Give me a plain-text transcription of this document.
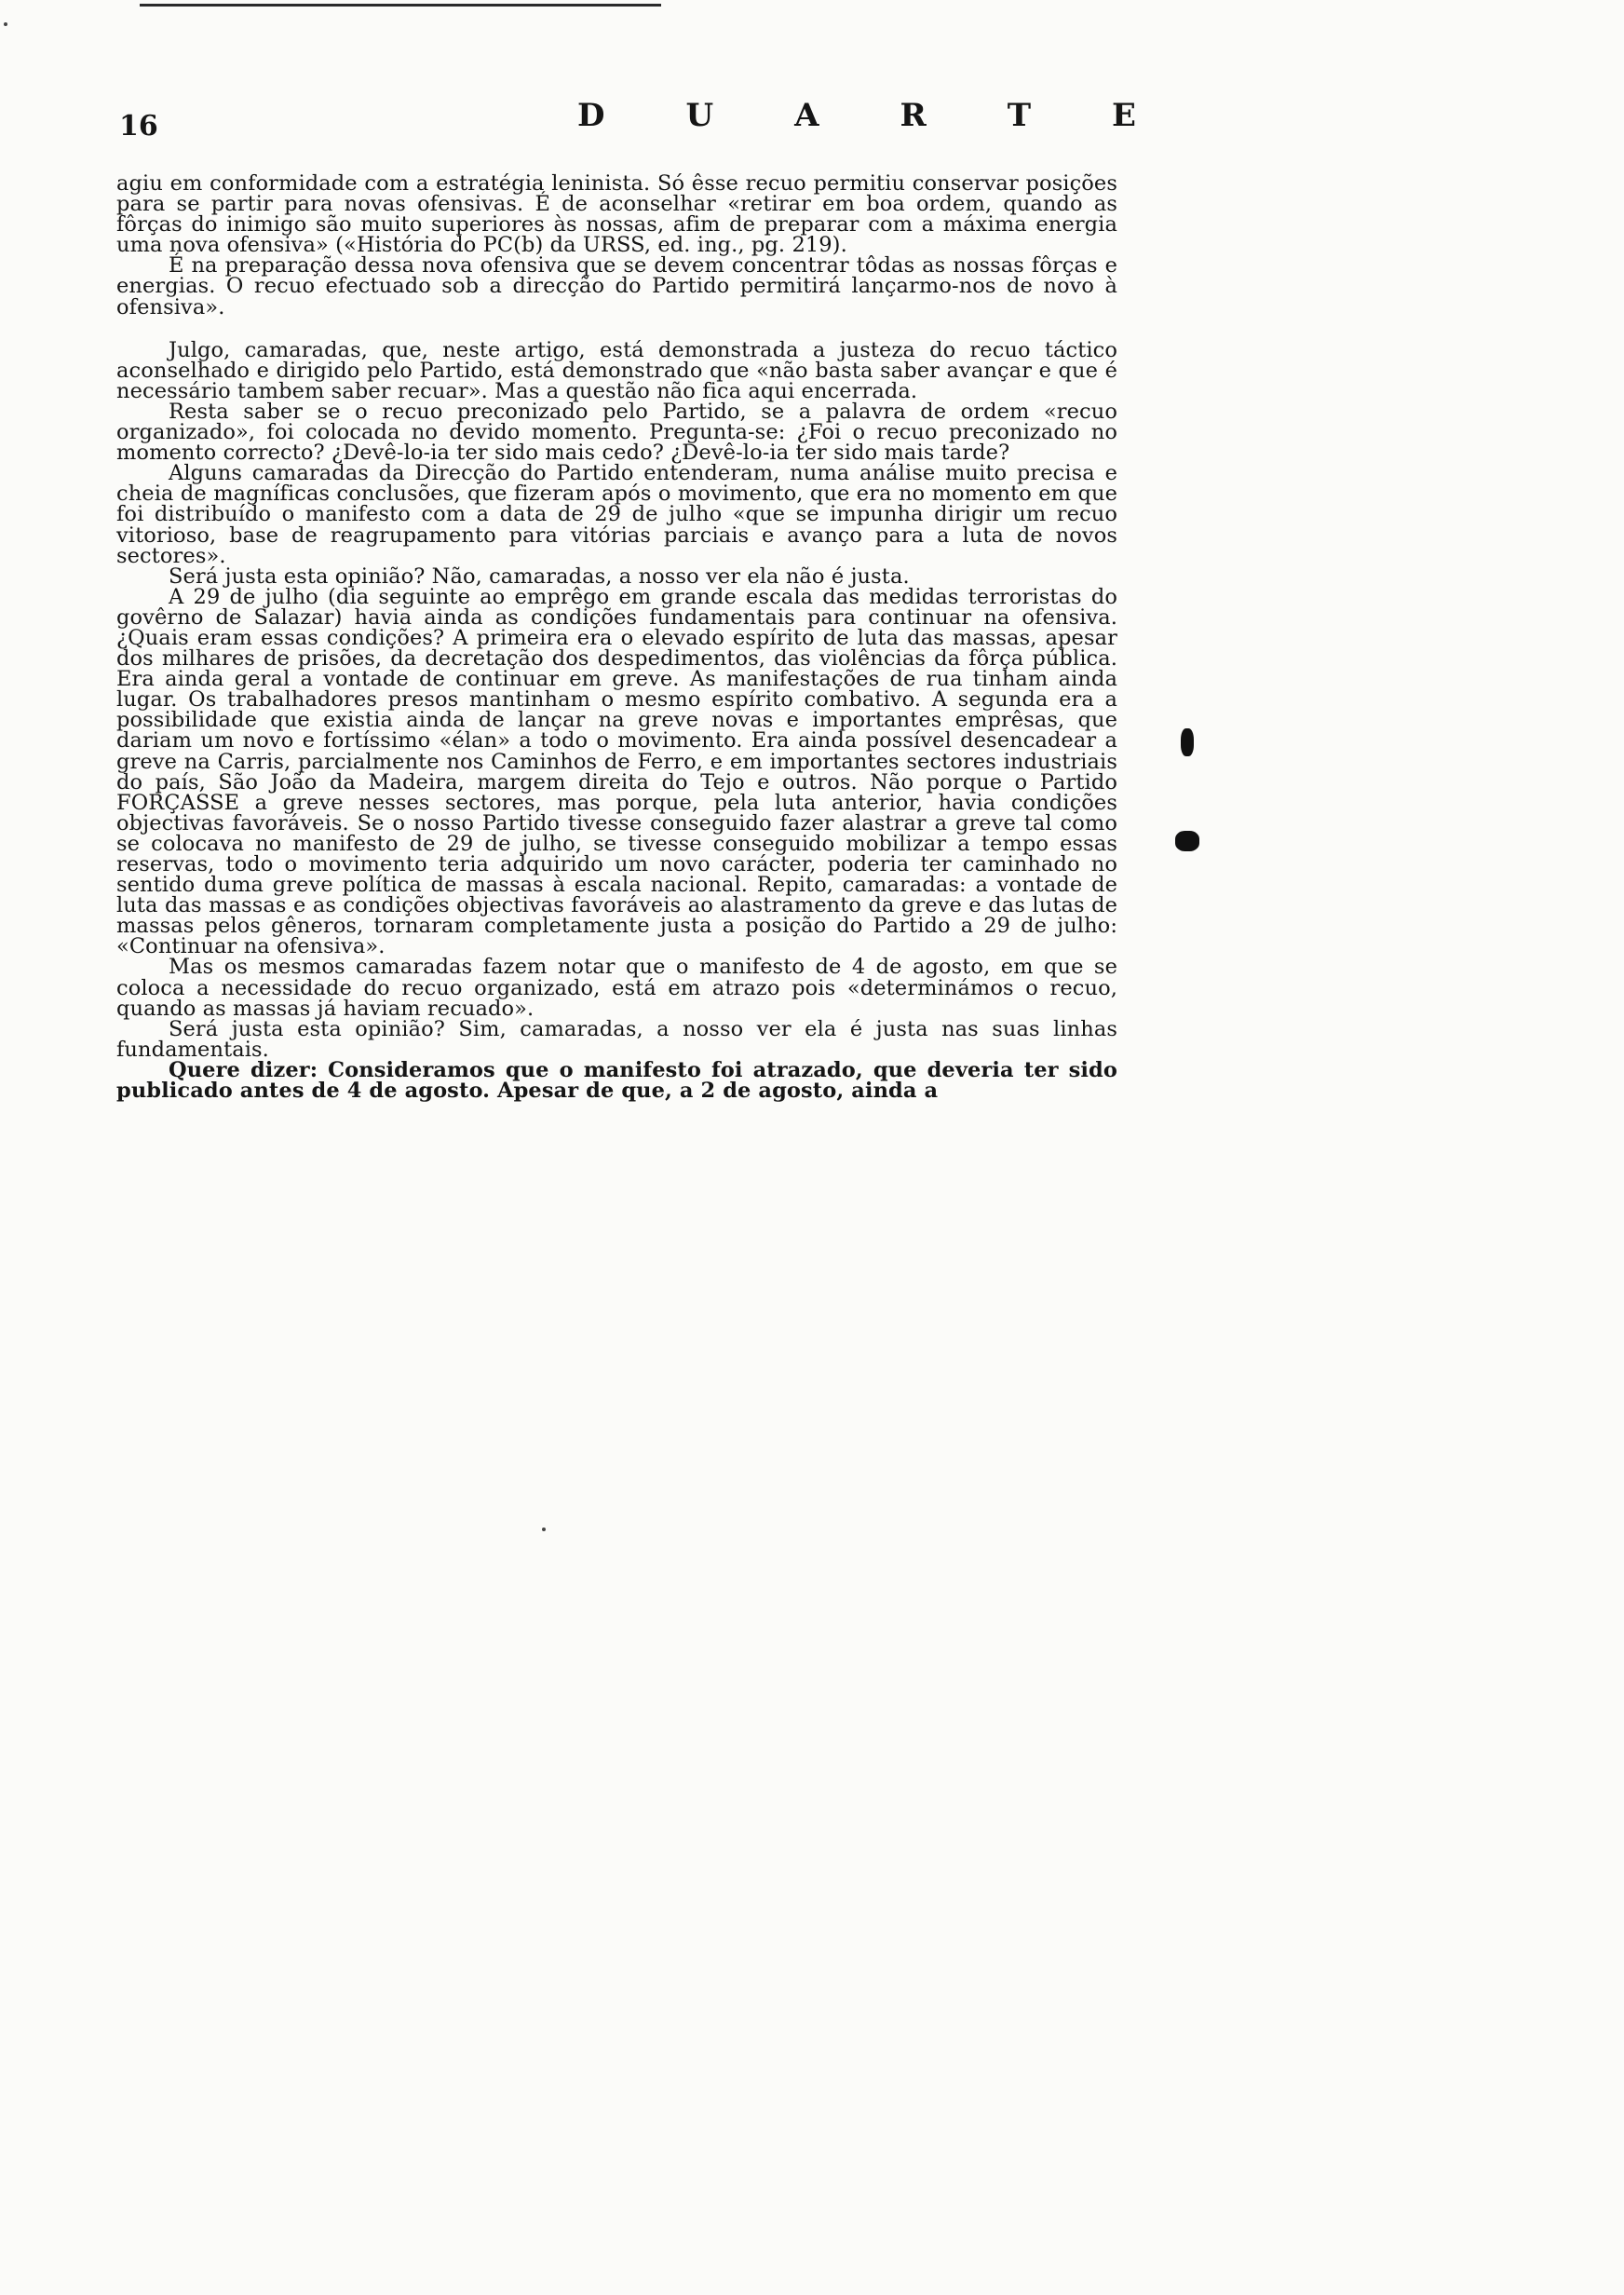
16	D	U	A	R	T	E

agiu em conformidade com a estratégia leninista. Só êsse recuo permitiu conservar posições para se partir para novas ofensivas. É de aconselhar «retirar em boa ordem, quando as fôrças do inimigo são muito superiores às nossas, afim de preparar com a máxima energia uma nova ofensiva» («História do PC(b) da URSS, ed. ing., pg. 219).

É na preparação dessa nova ofensiva que se devem concentrar tôdas as nossas fôrças e energias. O recuo efectuado sob a direcção do Partido permitirá lançarmo-nos de novo à ofensiva».

Julgo, camaradas, que, neste artigo, está demonstrada a justeza do recuo táctico aconselhado e dirigido pelo Partido, está demonstrado que «não basta saber avançar e que é necessário tambem saber recuar». Mas a questão não fica aqui encerrada.

Resta saber se o recuo preconizado pelo Partido, se a palavra de ordem «recuo organizado», foi colocada no devido momento. Pregunta-se: ¿Foi o recuo preconizado no momento correcto? ¿Devê-lo-ia ter sido mais cedo? ¿Devê-lo-ia ter sido mais tarde?

Alguns camaradas da Direcção do Partido entenderam, numa análise muito precisa e cheia de magníficas conclusões, que fizeram após o movimento, que era no momento em que foi distribuído o manifesto com a data de 29 de julho «que se impunha dirigir um recuo vitorioso, base de reagrupamento para vitórias parciais e avanço para a luta de novos sectores».

Será justa esta opinião? Não, camaradas, a nosso ver ela não é justa.

A 29 de julho (dia seguinte ao emprêgo em grande escala das medidas terroristas do govêrno de Salazar) havia ainda as condições fundamentais para continuar na ofensiva. ¿Quais eram essas condições? A primeira era o elevado espírito de luta das massas, apesar dos milhares de prisões, da decretação dos despedimentos, das violências da fôrça pública. Era ainda geral a vontade de continuar em greve. As manifestações de rua tinham ainda lugar. Os trabalhadores presos mantinham o mesmo espírito combativo. A segunda era a possibilidade que existia ainda de lançar na greve novas e importantes emprêsas, que dariam um novo e fortíssimo «élan» a todo o movimento. Era ainda possível desencadear a greve na Carris, parcialmente nos Caminhos de Ferro, e em importantes sectores industriais do país, São João da Madeira, margem direita do Tejo e outros. Não porque o Partido FORÇASSE a greve nesses sectores, mas porque, pela luta anterior, havia condições objectivas favoráveis. Se o nosso Partido tivesse conseguido fazer alastrar a greve tal como se colocava no manifesto de 29 de julho, se tivesse conseguido mobilizar a tempo essas reservas, todo o movimento teria adquirido um novo carácter, poderia ter caminhado no sentido duma greve política de massas à escala nacional. Repito, camaradas: a vontade de luta das massas e as condições objectivas favoráveis ao alastramento da greve e das lutas de massas pelos gêneros, tornaram completamente justa a posição do Partido a 29 de julho: «Continuar na ofensiva».

Mas os mesmos camaradas fazem notar que o manifesto de 4 de agosto, em que se coloca a necessidade do recuo organizado, está em atrazo pois «determinámos o recuo, quando as massas já haviam recuado».

Será justa esta opinião? Sim, camaradas, a nosso ver ela é justa nas suas linhas fundamentais.

Quere dizer: Consideramos que o manifesto foi atrazado, que deveria ter sido publicado antes de 4 de agosto. Apesar de que, a 2 de agosto, ainda a
